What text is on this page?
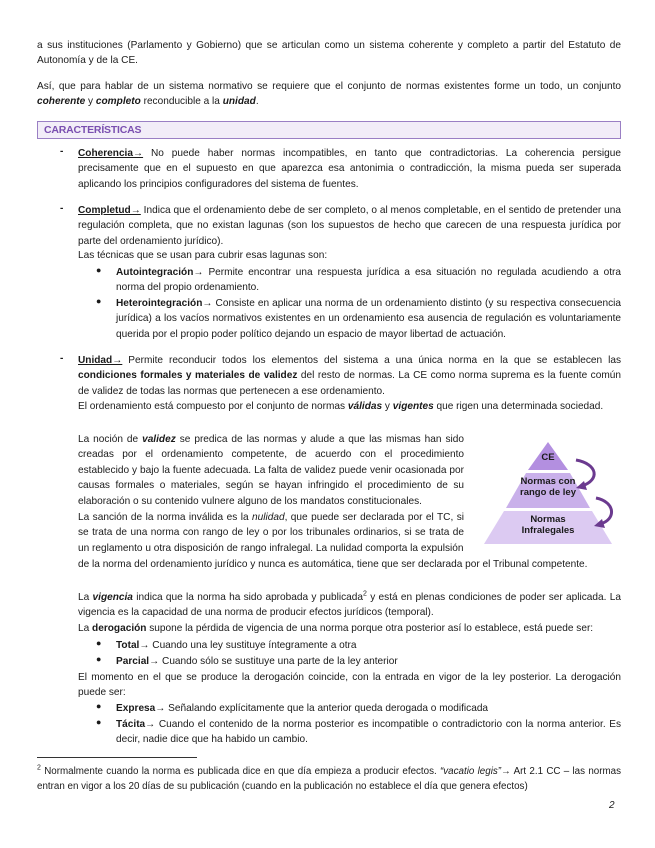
a sus instituciones (Parlamento y Gobierno) que se articulan como un sistema coherente y completo a partir del Estatuto de Autonomía y de la CE.

Así, que para hablar de un sistema normativo se requiere que el conjunto de normas existentes forme un todo, un conjunto coherente y completo reconducible a la unidad.

CARACTERÍSTICAS
- Coherencia→ No puede haber normas incompatibles, en tanto que contradictorias. La coherencia persigue precisamente que en el supuesto en que aparezca esa antonimia o contradicción, la misma pueda ser superada aplicando los principios configuradores del sistema de fuentes.

- Completud→ Indica que el ordenamiento debe de ser completo, o al menos completable, en el sentido de pretender una regulación completa, que no existan lagunas (son los supuestos de hecho que carecen de una respuesta jurídica por parte del ordenamiento jurídico).

Las técnicas que se usan para cubrir esas lagunas son:

● Autointegración→ Permite encontrar una respuesta jurídica a esa situación no regulada acudiendo a otra norma del propio ordenamiento.

● Heterointegración→ Consiste en aplicar una norma de un ordenamiento distinto (y su respectiva consecuencia jurídica) a los vacíos normativos existentes en un ordenamiento esa ausencia de regulación es voluntariamente querida por el propio poder político dejando un espacio de mayor libertad de actuación.

- Unidad→ Permite reconducir todos los elementos del sistema a una única norma en la que se establecen las condiciones formales y materiales de validez del resto de normas. La CE como norma suprema es la fuente común de validez de todas las normas que pertenecen a ese ordenamiento.

El ordenamiento está compuesto por el conjunto de normas válidas y vigentes que rigen una determinada sociedad.

La noción de validez se predica de las normas y alude a que las mismas han sido creadas por el ordenamiento competente, de acuerdo con el procedimiento establecido y bajo la fuente adecuada. La falta de validez puede venir ocasionada por causas formales o materiales, según se hayan infringido el procedimiento de su elaboración o su contenido vulnere alguno de los mandatos constitucionales.

La sanción de la norma inválida es la nulidad, que puede ser declarada por el TC, si se trata de una norma con rango de ley o por los tribunales ordinarios, si se trata de un reglamento u otra disposición de rango infralegal. La nulidad comporta la expulsión

de la norma del ordenamiento jurídico y nunca es automática, tiene que ser declarada por el Tribunal competente.

CE
Normas con rango de ley
Normas Infralegales

La vigencia indica que la norma ha sido aprobada y publicada$^2$ y está en plenas condiciones de poder ser aplicada. La vigencia es la capacidad de una norma de producir efectos jurídicos (temporal).

La derogación supone la pérdida de vigencia de una norma porque otra posterior así lo establece, está puede ser:

● Total→ Cuando una ley sustituye íntegramente a otra

● Parcial→ Cuando sólo se sustituye una parte de la ley anterior

El momento en el que se produce la derogación coincide, con la entrada en vigor de la ley posterior. La derogación puede ser:

● Expresa→ Señalando explícitamente que la anterior queda derogada o modificada

● Tácita→ Cuando el contenido de la norma posterior es incompatible o contradictorio con la norma anterior. Es decir, nadie dice que ha habido un cambio.

$^2$ Normalmente cuando la norma es publicada dice en que día empieza a producir efectos. “vacatio legis”→ Art 2.1 CC – las normas entran en vigor a los 20 días de su publicación (cuando en la publicación no establece el día que genera efectos)

2
